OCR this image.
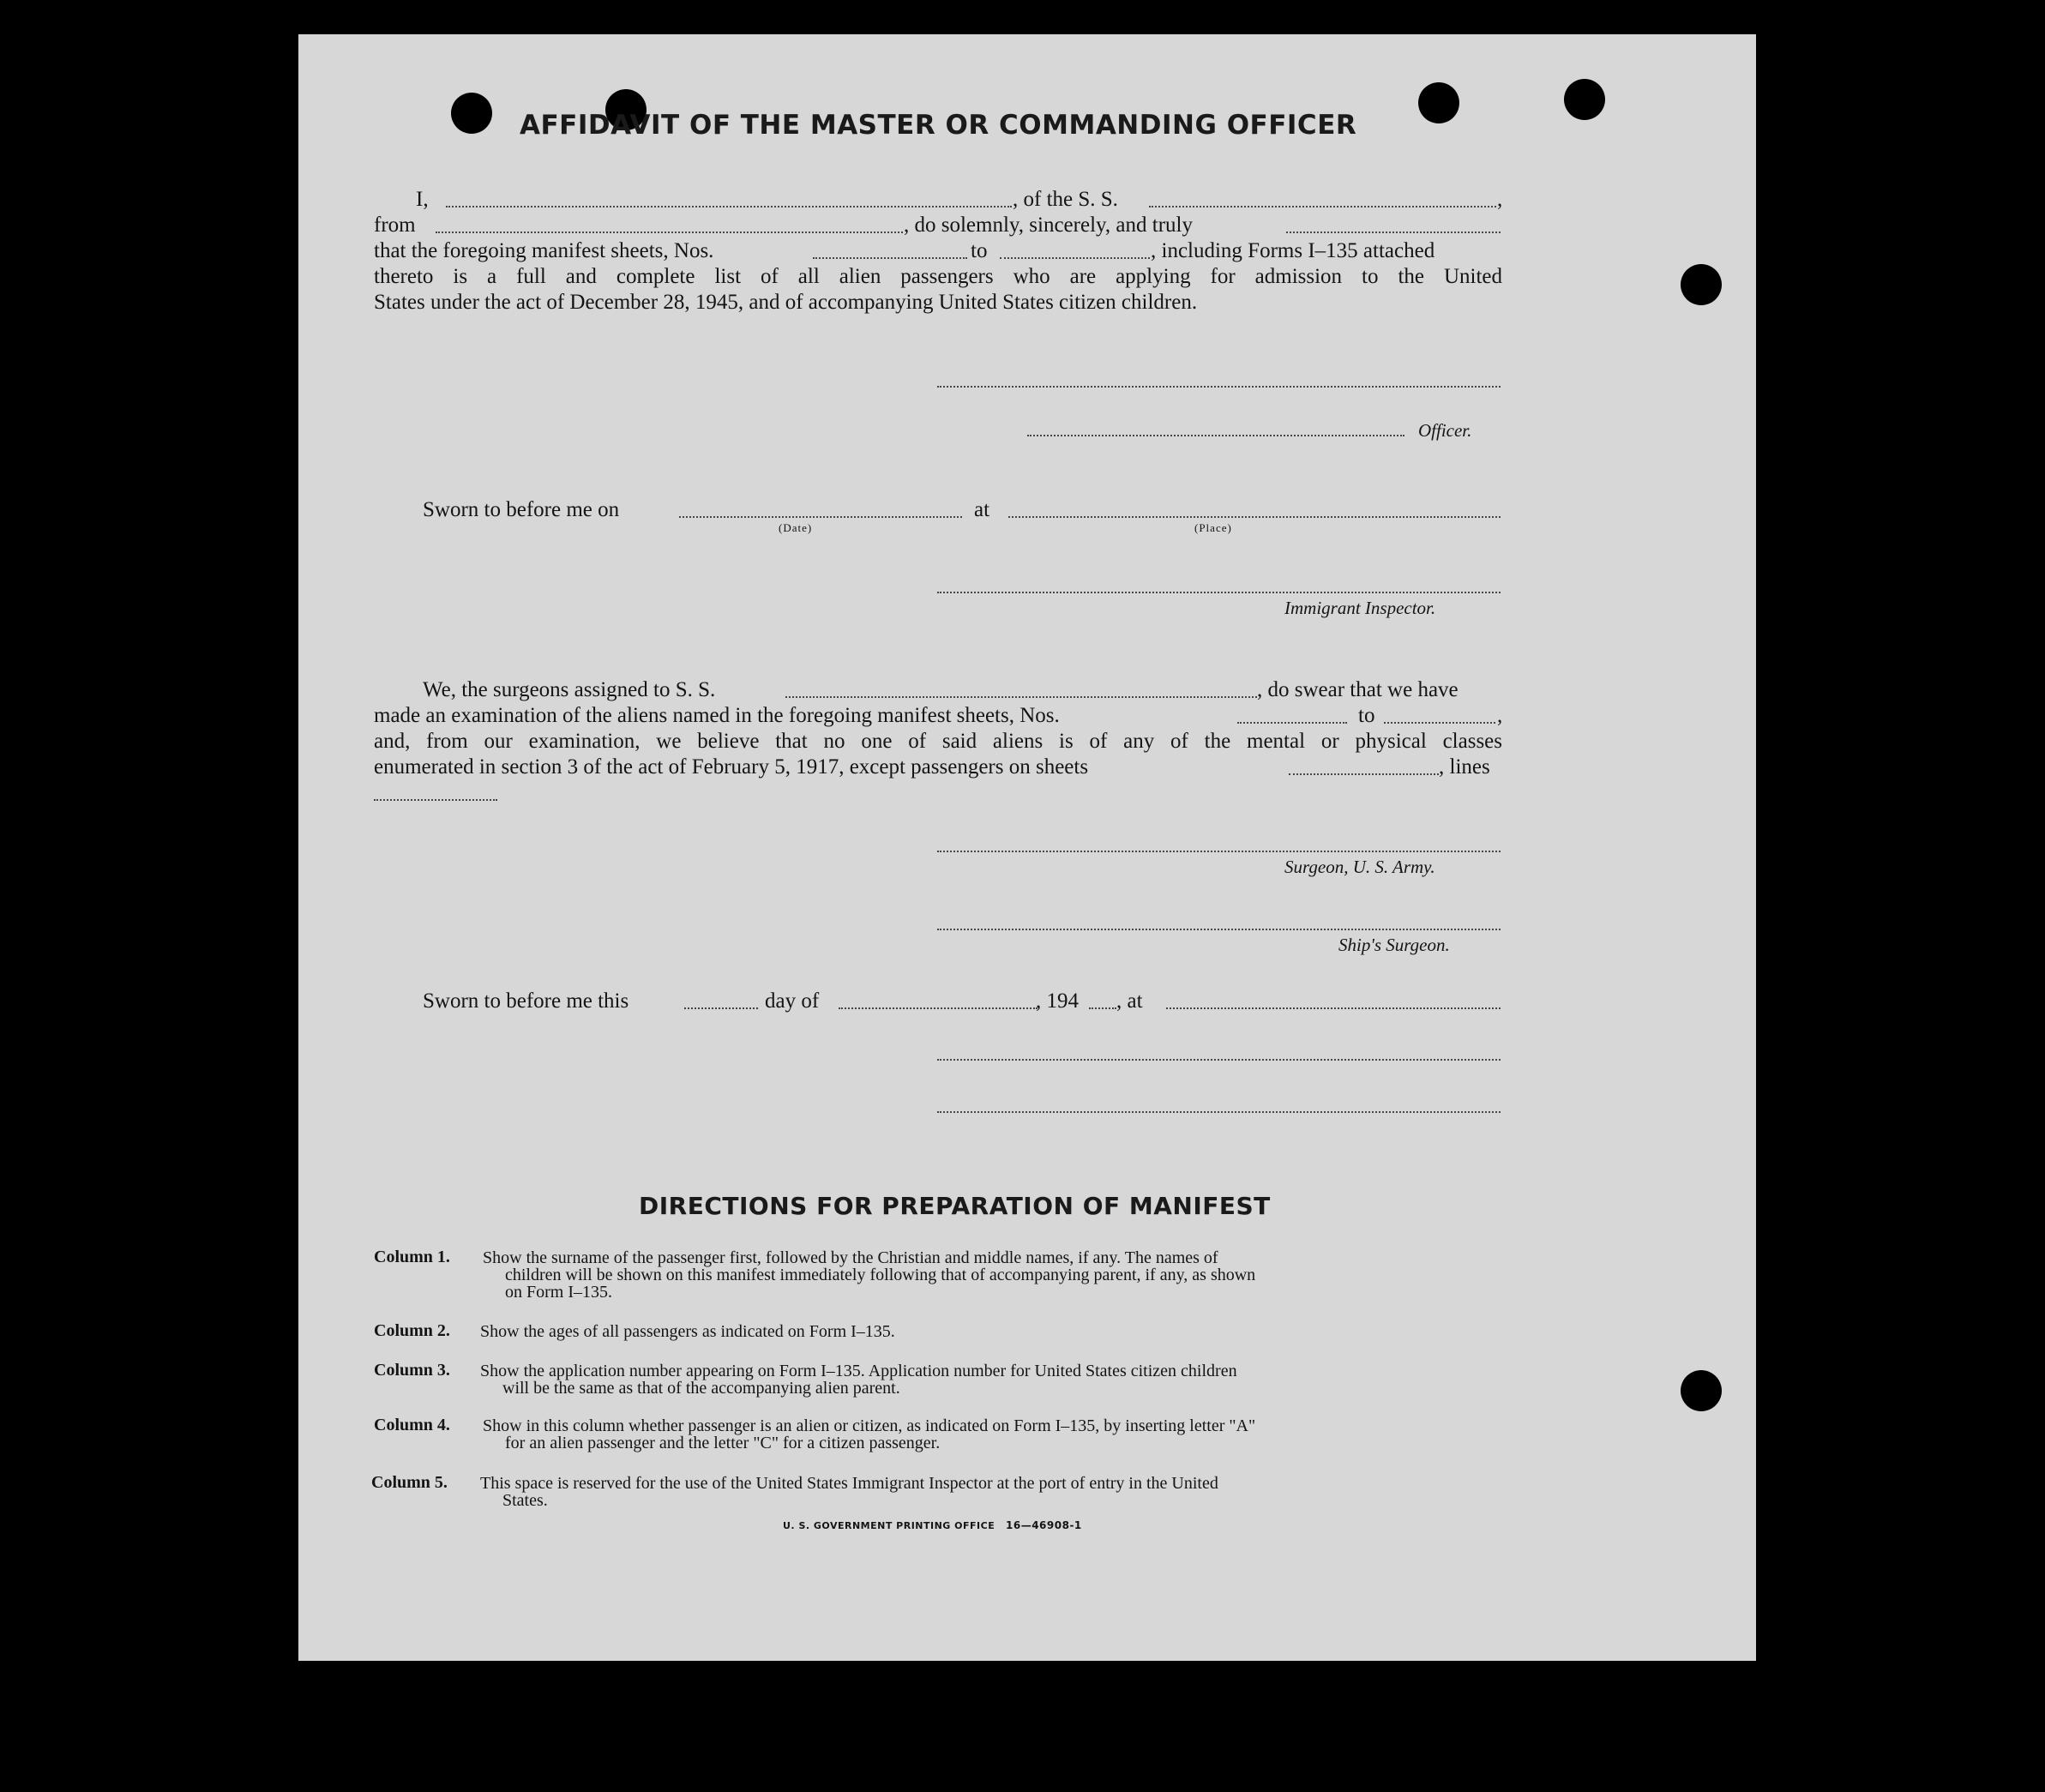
AFFIDAVIT OF THE MASTER OR COMMANDING OFFICER
I,	, of the S. S.	,
from	, do solemnly, sincerely, and truly
that the foregoing manifest sheets, Nos.	to	, including Forms I–135 attached
thereto is a full and complete list of all alien passengers who are applying for admission to the United
States under the act of December 28, 1945, and of accompanying United States citizen children.
Officer.
Sworn to before me on	at
(Date)	(Place)
Immigrant Inspector.
We, the surgeons assigned to S. S.	, do swear that we have
made an examination of the aliens named in the foregoing manifest sheets, Nos.	to	,
and, from our examination, we believe that no one of said aliens is of any of the mental or physical classes
enumerated in section 3 of the act of February 5, 1917, except passengers on sheets	, lines
Surgeon, U. S. Army.
Ship's Surgeon.
Sworn to before me this	day of	, 194 , at
DIRECTIONS FOR PREPARATION OF MANIFEST
Column 1. Show the surname of the passenger first, followed by the Christian and middle names, if any. The names of
children will be shown on this manifest immediately following that of accompanying parent, if any, as shown
on Form I–135.
Column 2. Show the ages of all passengers as indicated on Form I–135.
Column 3. Show the application number appearing on Form I–135. Application number for United States citizen children
will be the same as that of the accompanying alien parent.
Column 4. Show in this column whether passenger is an alien or citizen, as indicated on Form I–135, by inserting letter "A"
for an alien passenger and the letter "C" for a citizen passenger.
Column 5. This space is reserved for the use of the United States Immigrant Inspector at the port of entry in the United
States.
U. S. GOVERNMENT PRINTING OFFICE 16—46908-1
